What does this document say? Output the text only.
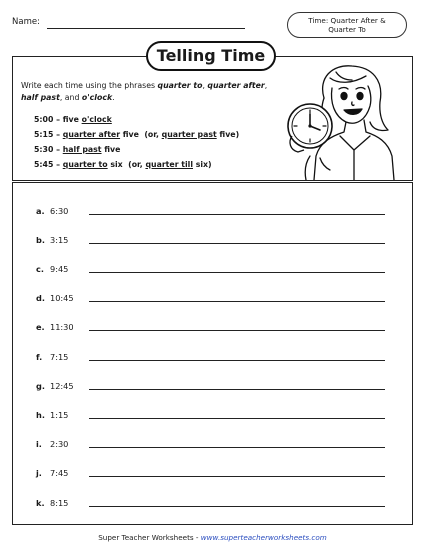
Name:	Time: Quarter After &
Quarter To
Telling Time
Write each time using the phrases quarter to, quarter after,
half past, and o'clock.
5:00 – five o'clock
5:15 – quarter after five  (or, quarter past five)
5:30 – half past five
5:45 – quarter to six  (or, quarter till six)
a. 6:30
b. 3:15
c. 9:45
d. 10:45
e. 11:30
f. 7:15
g. 12:45
h. 1:15
i. 2:30
j. 7:45
k. 8:15
Super Teacher Worksheets - www.superteacherworksheets.com
